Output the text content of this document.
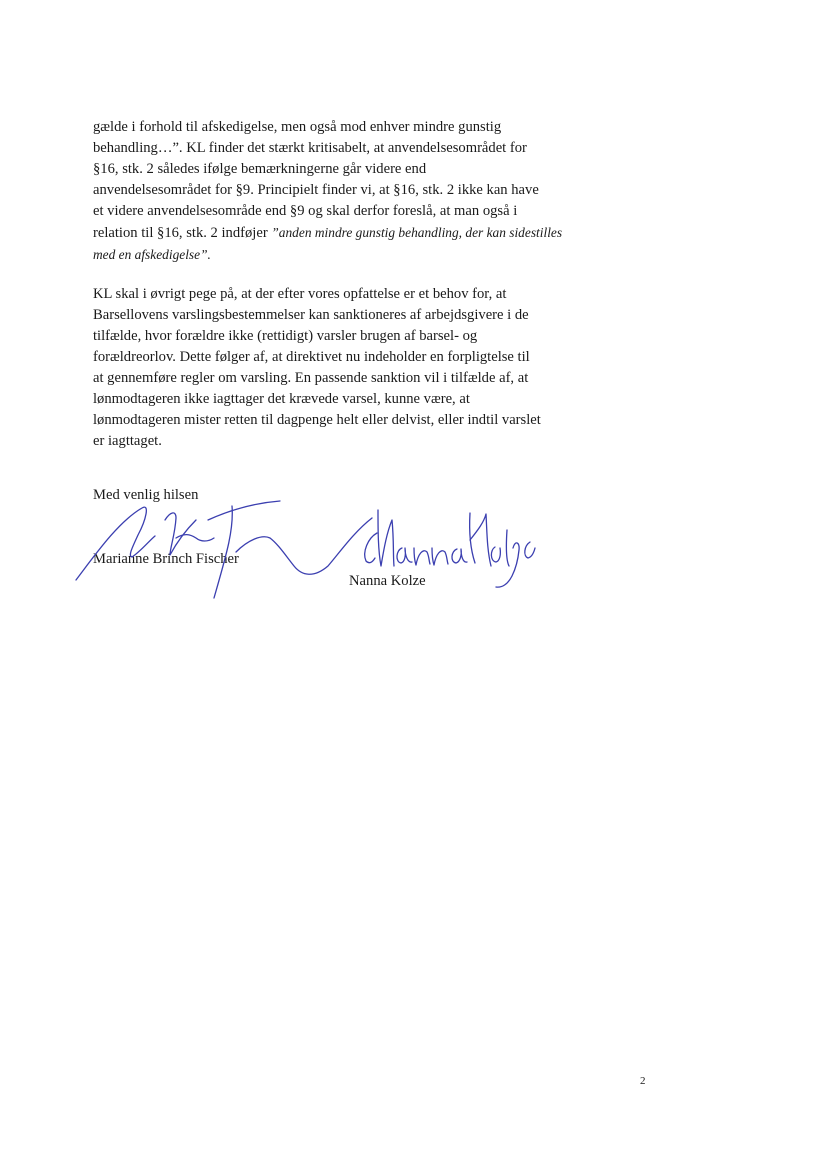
gælde i forhold til afskedigelse, men også mod enhver mindre gunstig
behandling…”. KL finder det stærkt kritisabelt, at anvendelsesområdet for
§16, stk. 2 således ifølge bemærkningerne går videre end
anvendelsesområdet for §9. Principielt finder vi, at §16, stk. 2 ikke kan have
et videre anvendelsesområde end §9 og skal derfor foreslå, at man også i
relation til §16, stk. 2 indføjer ”anden mindre gunstig behandling, der kan sidestilles
med en afskedigelse”.
KL skal i øvrigt pege på, at der efter vores opfattelse er et behov for, at
Barsellovens varslingsbestemmelser kan sanktioneres af arbejdsgivere i de
tilfælde, hvor forældre ikke (rettidigt) varsler brugen af barsel- og
forældreorlov. Dette følger af, at direktivet nu indeholder en forpligtelse til
at gennemføre regler om varsling. En passende sanktion vil i tilfælde af, at
lønmodtageren ikke iagttager det krævede varsel, kunne være, at
lønmodtageren mister retten til dagpenge helt eller delvist, eller indtil varslet
er iagttaget.
Med venlig hilsen
Marianne Brinch Fischer
Nanna Kolze
2
